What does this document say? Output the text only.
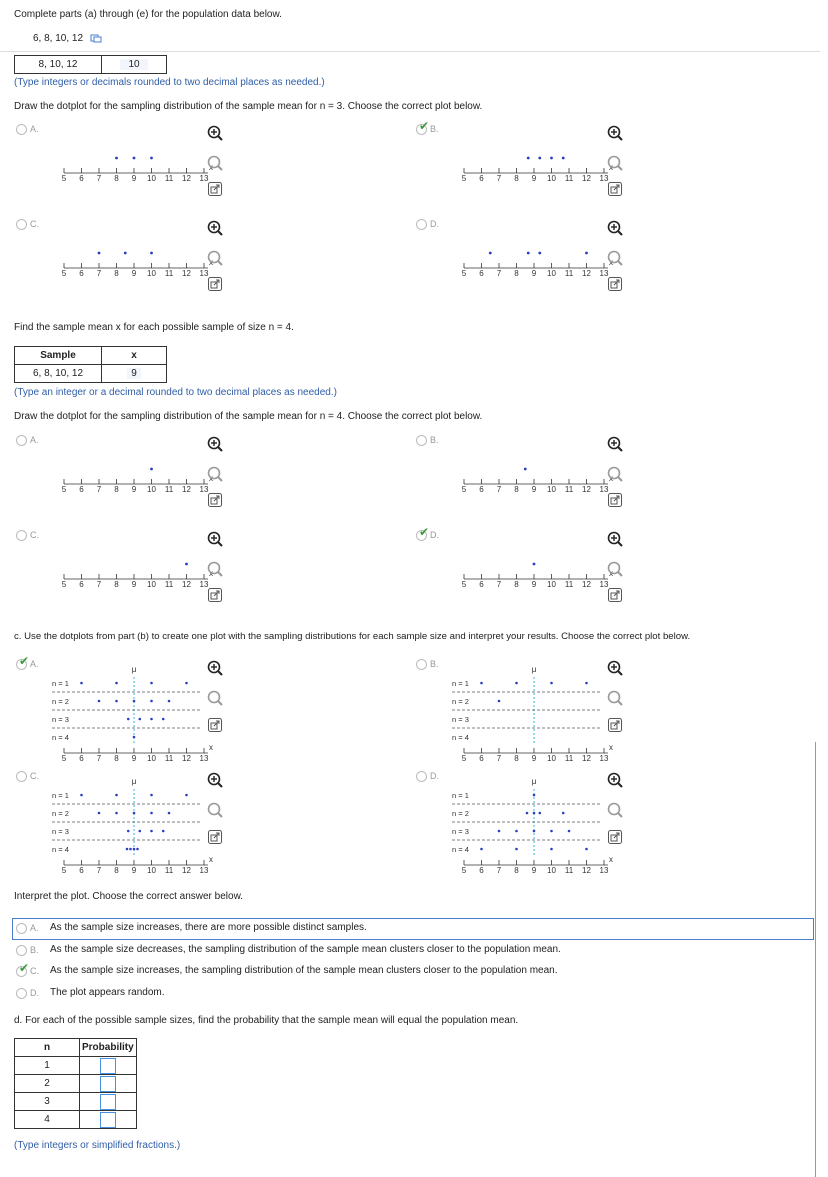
Complete parts (a) through (e) for the population data below.
6, 8, 10, 12
8, 10, 12	10
(Type integers or decimals rounded to two decimal places as needed.)
Draw the dotplot for the sampling distribution of the sample mean for n = 3. Choose the correct plot below.
A.
5 6 7 8 9 10 11 12 13
x
✔ B.
5 6 7 8 9 10 11 12 13
x
C.
5 6 7 8 9 10 11 12 13
x
D.
5 6 7 8 9 10 11 12 13
x
Find the sample mean x for each possible sample of size n = 4.
Sample	x
6, 8, 10, 12	9
(Type an integer or a decimal rounded to two decimal places as needed.)
Draw the dotplot for the sampling distribution of the sample mean for n = 4. Choose the correct plot below.
A.
5 6 7 8 9 10 11 12 13
x
B.
5 6 7 8 9 10 11 12 13
x
C.
5 6 7 8 9 10 11 12 13
x
✔ D.
5 6 7 8 9 10 11 12 13
x
c. Use the dotplots from part (b) to create one plot with the sampling distributions for each sample size and interpret your results. Choose the correct plot below.
✔ A.
μ
n = 1
n = 2
n = 3
n = 4
5 6 7 8 9 10 11 12 13
x
B.
μ
n = 1
n = 2
n = 3
n = 4
5 6 7 8 9 10 11 12 13
x
C.
μ
n = 1
n = 2
n = 3
n = 4
5 6 7 8 9 10 11 12 13
x
D.
μ
n = 1
n = 2
n = 3
n = 4
5 6 7 8 9 10 11 12 13
x
Interpret the plot. Choose the correct answer below.
A. As the sample size increases, there are more possible distinct samples.
B. As the sample size decreases, the sampling distribution of the sample mean clusters closer to the population mean.
✔ C. As the sample size increases, the sampling distribution of the sample mean clusters closer to the population mean.
D. The plot appears random.
d. For each of the possible sample sizes, find the probability that the sample mean will equal the population mean.
n	Probability
1	
2	
3	
4	
(Type integers or simplified fractions.)
